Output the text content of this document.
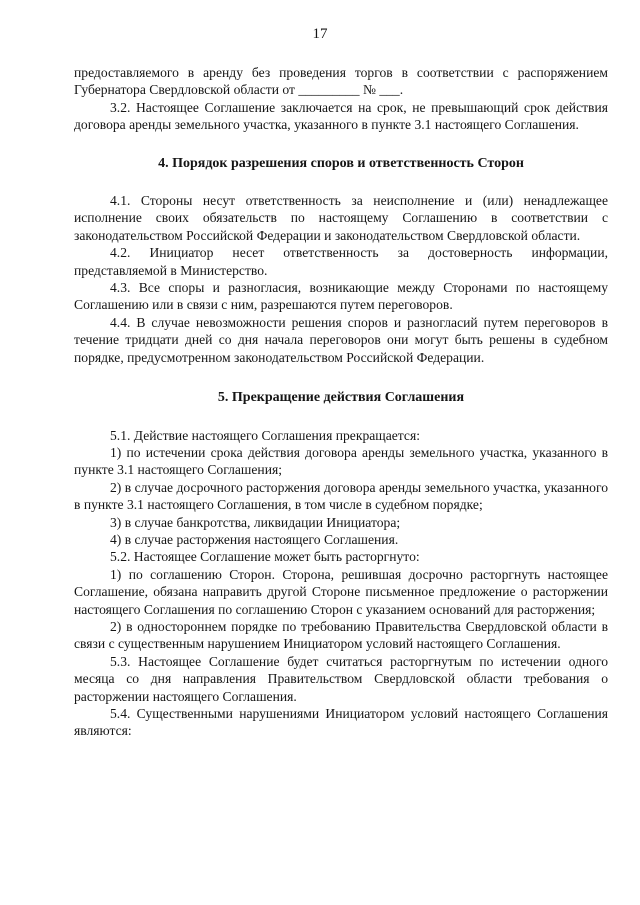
17

предоставляемого в аренду без проведения торгов в соответствии с распоряжением Губернатора Свердловской области от _________ № ___.

3.2. Настоящее Соглашение заключается на срок, не превышающий срок действия договора аренды земельного участка, указанного в пункте 3.1 настоящего Соглашения.

4. Порядок разрешения споров и ответственность Сторон

4.1. Стороны несут ответственность за неисполнение и (или) ненадлежащее исполнение своих обязательств по настоящему Соглашению в соответствии с законодательством Российской Федерации и законодательством Свердловской области.

4.2. Инициатор несет ответственность за достоверность информации, представляемой в Министерство.

4.3. Все споры и разногласия, возникающие между Сторонами по настоящему Соглашению или в связи с ним, разрешаются путем переговоров.

4.4. В случае невозможности решения споров и разногласий путем переговоров в течение тридцати дней со дня начала переговоров они могут быть решены в судебном порядке, предусмотренном законодательством Российской Федерации.

5. Прекращение действия Соглашения

5.1. Действие настоящего Соглашения прекращается:

1) по истечении срока действия договора аренды земельного участка, указанного в пункте 3.1 настоящего Соглашения;

2) в случае досрочного расторжения договора аренды земельного участка, указанного в пункте 3.1 настоящего Соглашения, в том числе в судебном порядке;

3) в случае банкротства, ликвидации Инициатора;

4) в случае расторжения настоящего Соглашения.

5.2. Настоящее Соглашение может быть расторгнуто:

1) по соглашению Сторон. Сторона, решившая досрочно расторгнуть настоящее Соглашение, обязана направить другой Стороне письменное предложение о расторжении настоящего Соглашения по соглашению Сторон с указанием оснований для расторжения;

2) в одностороннем порядке по требованию Правительства Свердловской области в связи с существенным нарушением Инициатором условий настоящего Соглашения.

5.3. Настоящее Соглашение будет считаться расторгнутым по истечении одного месяца со дня направления Правительством Свердловской области требования о расторжении настоящего Соглашения.

5.4. Существенными нарушениями Инициатором условий настоящего Соглашения являются:
